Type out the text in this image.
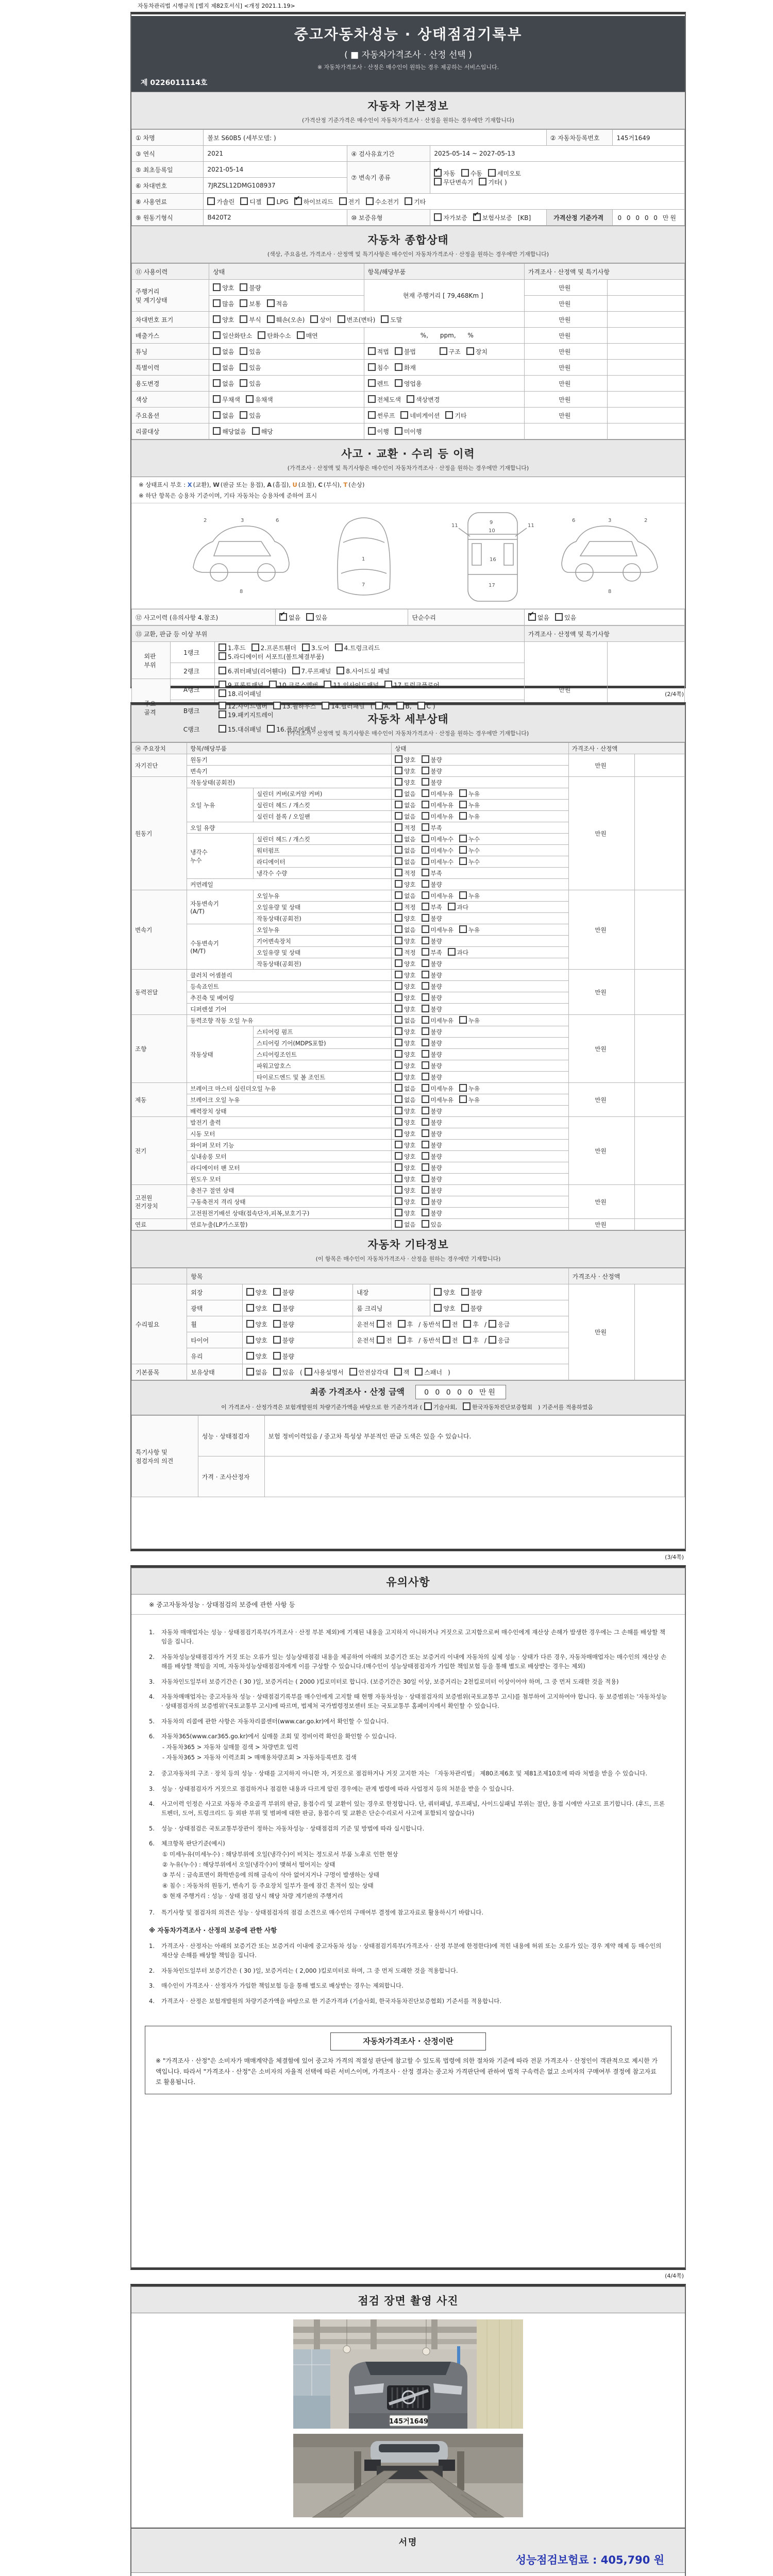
자동차관리법 시행규칙 [별지 제82호서식] <개정 2021.1.19>
중고자동차성능 · 상태점검기록부
( ■ 자동차가격조사 · 산정 선택 )
※ 자동차가격조사 · 산정은 매수인이 원하는 경우 제공하는 서비스입니다.
제 0226011114호
자동차 기본정보
(가격산정 기준가격은 매수인이 자동차가격조사 · 산정을 원하는 경우에만 기재합니다)
① 차명	볼보 S60B5 (세부모델: )			② 자동차등록번호	145거1649
③ 연식	2021	④ 검사유효기간	2025-05-14 ~ 2027-05-13		
⑤ 최초등록일	2021-05-14	⑦ 변속기 종류	✔자동 수동 세미오토
무단변속기 기타( )
⑥ 차대번호	7JRZSL12DMG108937				
⑧ 사용연료	가솔린 디젤 LPG ✔ 하이브리드 전기 수소전기 기타
⑨ 원동기형식	B420T2	⑩ 보증유형	자가보증 ✔ 보험사보증 [KB]	가격산정 기준가격	0 0 0 0 0 만원
자동차 종합상태
(색상, 주요옵션, 가격조사 · 산정액 및 특기사항은 매수인이 자동차가격조사 · 산정을 원하는 경우에만 기재합니다)
⑪ 사용이력	상태	항목/해당부품	가격조사 · 산정액 및 특기사항	
주행거리
및 계기상태	양호 불량	현재 주행거리 [ 79,468Km ]	만원	
	많음 보통 적음		만원	
차대번호 표기	양호 부식 훼손(오손) 상이 변조(변타) 도말		만원	
배출가스	일산화탄소 탄화수소 매연	%,      ppm,      %	만원	
튜닝	없음 있음	적법 불법 구조 장치	만원	
특별이력	없음 있음	침수 화재	만원	
용도변경	없음 있음	렌트 영업용	만원	
색상	무채색 유채색	전체도색 색상변경	만원	
주요옵션	없음 있음	썬루프 네비게이션 기타	만원	
리콜대상	해당없음 해당	이행 미이행		
사고 · 교환 · 수리 등 이력
(가격조사 · 산정액 및 특기사항은 매수인이 자동차가격조사 · 산정을 원하는 경우에만 기재합니다)
※ 상태표시 부호 : X (교환), W (판금 또는 용접), A (흠집), U (요철), C (부식), T (손상)
※ 하단 항목은 승용차 기준이며, 기타 자동차는 승용차에 준하여 표시
2	3	6
8
1
7
11	11
9
10
16
17
2
3
6
8
⑫ 사고이력 (유의사항 4.참조)	✔없음 있음	단순수리	✔없음 있음
⑬ 교환, 판금 등 이상 부위			가격조사 · 산정액 및 특기사항	
외판
부위	1랭크	1.후드 2.프론트휀더 3.도어 4.트렁크리드
5.라디에이터 서포트(볼트체결부품)	만원	
	2랭크	6.쿼터패널(리어휀다) 7.루프패널 8.사이드실 패널		
주요
골격	A랭크	9.프론트패널 10.크로스멤버 11.인사이드패널 17.트렁크플로어
18.리어패널		
	B랭크	12.사이드멤버 13.휠하우스 14.필러패널 ( A, B, C )
19.패키지트레이		
	C랭크	15.대쉬패널 16.플로어패널		
(2/4쪽)
자동차 세부상태
(가격조사 · 산정액 및 특기사항은 매수인이 자동차가격조사 · 산정을 원하는 경우에만 기재합니다)
⑭ 주요장치	항목/해당부품		상태	가격조사 · 산정액	
자기진단	원동기		양호 불량	만원	
	변속기		양호 불량		
원동기	작동상태(공회전)		양호 불량	만원	
	오일 누유	실린더 커버(로커암 커버)	없음 미세누유 누유		
		실린더 헤드 / 개스킷	없음 미세누유 누유		
		실린더 블록 / 오일팬	없음 미세누유 누유		
	오일 유량		적정 부족		
	냉각수
누수	실린더 헤드 / 개스킷	없음 미세누수 누수		
		워터펌프	없음 미세누수 누수		
		라디에이터	없음 미세누수 누수		
		냉각수 수량	적정 부족		
	커먼레일		양호 불량		
변속기	자동변속기
(A/T)	오일누유	없음 미세누유 누유	만원	
		오일유량 및 상태	적정 부족 과다		
		작동상태(공회전)	양호 불량		
	수동변속기
(M/T)	오일누유	없음 미세누유 누유		
		기어변속장치	양호 불량		
		오일유량 및 상태	적정 부족 과다		
		작동상태(공회전)	양호 불량		
동력전달	클러치 어셈블리		양호 불량	만원	
	등속죠인트		양호 불량		
	추진축 및 베어링		양호 불량		
	디퍼렌셜 기어		양호 불량		
조향	동력조향 작동 오일 누유		없음 미세누유 누유	만원	
	작동상태	스티어링 펌프	양호 불량		
		스티어링 기어(MDPS포함)	양호 불량		
		스티어링조인트	양호 불량		
		파워고압호스	양호 불량		
		타이로드엔드 및 볼 조인트	양호 불량		
제동	브레이크 마스터 실린더오일 누유		없음 미세누유 누유	만원	
	브레이크 오일 누유		없음 미세누유 누유		
	배력장치 상태		양호 불량		
전기	발전기 출력		양호 불량	만원	
	시동 모터		양호 불량		
	와이퍼 모터 기능		양호 불량		
	실내송풍 모터		양호 불량		
	라디에이터 팬 모터		양호 불량		
	윈도우 모터		양호 불량		
고전원
전기장치	충전구 절연 상태		양호 불량	만원	
	구동축전지 격리 상태		양호 불량		
	고전원전기배선 상태(접속단자,피복,보호기구)		양호 불량		
연료	연료누출(LP가스포함)		없음 있음	만원	
자동차 기타정보
(이 항목은 매수인이 자동차가격조사 · 산정을 원하는 경우에만 기재합니다)
	항목				가격조사 · 산정액	
수리필요	외장	양호 불량	내장	양호 불량	만원	
	광택	양호 불량	룸 크리닝	양호 불량		
	휠	양호 불량	운전석 전 후 / 동반석 전 후 / 응급			
	타이어	양호 불량	운전석 전 후 / 동반석 전 후 / 응급			
	유리	양호 불량				
기본품목	보유상태	없음 있음 ( 사용설명서 안전삼각대 잭 스패너 )				
최종 가격조사 · 산정 금액	0 0 0 0 0 만원
이 가격조사 · 산정가격은 보험개발원의 차량기준가액을 바탕으로 한 기준가격과 ( 기술사회,	한국자동차진단보증협회 ) 기준서를 적용하였음
특기사항 및
점검자의 의견	성능 · 상태점검자	보험 정비이력있음 / 중고차 특성상 부분적인 판금 도색은 있을 수 있습니다.
	가격 · 조사산정자	
(3/4쪽)
유의사항
※ 중고자동차성능 · 상태점검의 보증에 관한 사항 등
1.	자동차 매매업자는 성능 · 상태점검기록부(가격조사 · 산정 부분 제외)에 기재된 내용을 고지하지 아니하거나 거짓으로 고지함으로써 매수인에게 재산상 손해가 발생한 경우에는 그 손해를 배상할 책임을 집니다.
2.	자동차성능상태점검자가 거짓 또는 오류가 있는 성능상태점검 내용을 제공하여 아래의 보증기간 또는 보증거리 이내에 자동차의 실제 성능 · 상태가 다른 경우, 자동차매매업자는 매수인의 재산상 손해를 배상할 책임을 지며, 자동차성능상태점검자에게 이를 구상할 수 있습니다.(매수인이 성능상태점검자가 가입한 책임보험 등을 통해 별도로 배상받는 경우는 제외)
3.	자동차인도일부터 보증기간은 ( 30 )일, 보증거리는 ( 2000 )킬로미터로 합니다. (보증기간은 30일 이상, 보증거리는 2천킬로미터 이상이어야 하며, 그 중 먼저 도래한 것을 적용)
4.	자동차매매업자는 중고자동차 성능 · 상태점검기록부를 매수인에게 고지할 때 현행 자동차성능 · 상태점검자의 보증범위(국토교통부 고시)를 첨부하여 고지하여야 합니다. 동 보증범위는 '자동차성능 · 상태점검자의 보증범위'(국토교통부 고시)에 따르며, 법제처 국가법령정보센터 또는 국토교통부 홈페이지에서 확인할 수 있습니다.
5.	자동차의 리콜에 관한 사항은 자동차리콜센터(www.car.go.kr)에서 확인할 수 있습니다.
6.	자동차365(www.car365.go.kr)에서 실매물 조회 및 정비이력 확인을 확인할 수 있습니다.
- 자동차365 > 자동차 실매물 검색 > 차량번호 입력
- 자동차365 > 자동차 이력조회 > 매매용차량조회 > 자동차등록번호 검색
2.	중고자동차의 구조 · 장치 등의 성능 · 상태를 고지하지 아니한 자, 거짓으로 점검하거나 거짓 고지한 자는 「자동차관리법」 제80조제6호 및 제81조제10호에 따라 처벌을 받을 수 있습니다.
3.	성능 · 상태점검자가 거짓으로 점검하거나 점검한 내용과 다르게 알린 경우에는 관계 법령에 따라 사업정지 등의 처분을 받을 수 있습니다.
4.	사고이력 인정은 사고로 자동차 주요골격 부위의 판금, 용접수리 및 교환이 있는 경우로 한정합니다. 단, 쿼터패널, 루프패널, 사이드실패널 부위는 절단, 용접 시에만 사고로 표기합니다. (후드, 프론트펜더, 도어, 트렁크리드 등 외판 부위 및 범퍼에 대한 판금, 용접수리 및 교환은 단순수리로서 사고에 포함되지 않습니다)
5.	성능 · 상태점검은 국토교통부장관이 정하는 자동차성능 · 상태점검의 기준 및 방법에 따라 실시합니다.
6.	체크항목 판단기준(예시)
① 미세누유(미세누수) : 해당부위에 오일(냉각수)이 비치는 정도로서 부품 노후로 인한 현상
② 누유(누수) : 해당부위에서 오일(냉각수)이 맺혀서 떨어지는 상태
③ 부식 : 금속표면이 화학반응에 의해 금속이 삭아 없어지거나 구멍이 발생하는 상태
④ 침수 : 자동차의 원동기, 변속기 등 주요장치 일부가 물에 잠긴 흔적이 있는 상태
⑤ 현재 주행거리 : 성능 · 상태 점검 당시 해당 차량 계기판의 주행거리
7.	특기사항 및 점검자의 의견은 성능 · 상태점검자의 점검 소견으로 매수인의 구매여부 결정에 참고자료로 활용하시기 바랍니다.
※ 자동차가격조사 · 산정의 보증에 관한 사항
1.	가격조사 · 산정자는 아래의 보증기간 또는 보증거리 이내에 중고자동차 성능 · 상태점검기록부(가격조사 · 산정 부분에 한정한다)에 적힌 내용에 허위 또는 오류가 있는 경우 계약 해제 등 매수인의 재산상 손해를 배상할 책임을 집니다.
2.	자동차인도일부터 보증기간은 ( 30 )일, 보증거리는 ( 2,000 )킬로미터로 하며, 그 중 먼저 도래한 것을 적용합니다.
3.	매수인이 가격조사 · 산정자가 가입한 책임보험 등을 통해 별도로 배상받는 경우는 제외합니다.
4.	가격조사 · 산정은 보험개발원의 차량기준가액을 바탕으로 한 기준가격과 (기술사회, 한국자동차진단보증협회) 기준서를 적용합니다.
자동차가격조사 · 산정이란
※ "가격조사 · 산정"은 소비자가 매매계약을 체결함에 있어 중고차 가격의 적절성 판단에 참고할 수 있도록 법령에 의한 절차와 기준에 따라 전문 가격조사 · 산정인이 객관적으로 제시한 가액입니다. 따라서 "가격조사 · 산정"은 소비자의 자율적 선택에 따른 서비스이며, 가격조사 · 산정 결과는 중고차 가격판단에 관하여 법적 구속력은 없고 소비자의 구매여부 결정에 참고자료로 활용됩니다.
(4/4쪽)
점검 장면 촬영 사진
145거1649
서명
성능점검보험료 : 405,790 원
